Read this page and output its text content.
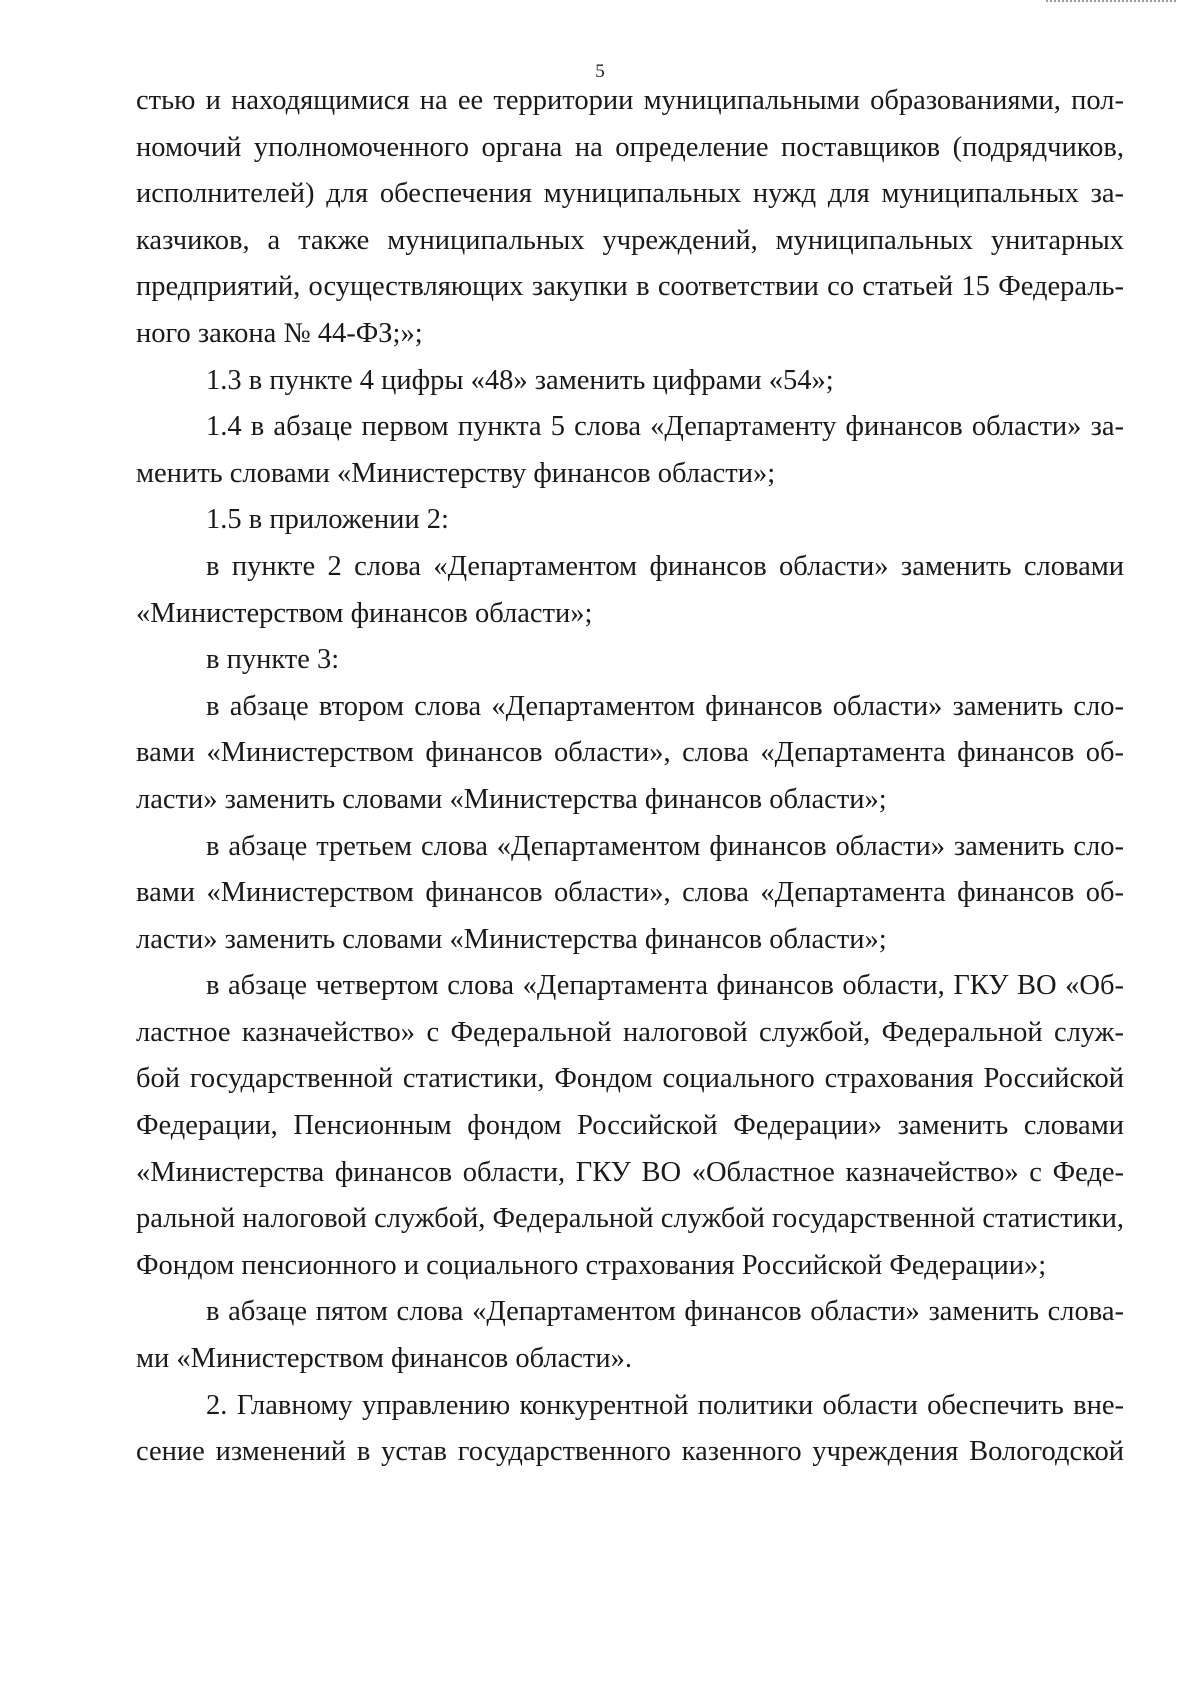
5
стью и находящимися на ее территории муниципальными образованиями, пол-
номочий уполномоченного органа на определение поставщиков (подрядчиков,
исполнителей) для обеспечения муниципальных нужд для муниципальных за-
казчиков, а также муниципальных учреждений, муниципальных унитарных
предприятий, осуществляющих закупки в соответствии со статьей 15 Федераль-
ного закона № 44-ФЗ;»;
1.3 в пункте 4 цифры «48» заменить цифрами «54»;
1.4 в абзаце первом пункта 5 слова «Департаменту финансов области» за-
менить словами «Министерству финансов области»;
1.5 в приложении 2:
в пункте 2 слова «Департаментом финансов области» заменить словами
«Министерством финансов области»;
в пункте 3:
в абзаце втором слова «Департаментом финансов области» заменить сло-
вами «Министерством финансов области», слова «Департамента финансов об-
ласти» заменить словами «Министерства финансов области»;
в абзаце третьем слова «Департаментом финансов области» заменить сло-
вами «Министерством финансов области», слова «Департамента финансов об-
ласти» заменить словами «Министерства финансов области»;
в абзаце четвертом слова «Департамента финансов области, ГКУ ВО «Об-
ластное казначейство» с Федеральной налоговой службой, Федеральной служ-
бой государственной статистики, Фондом социального страхования Российской
Федерации, Пенсионным фондом Российской Федерации» заменить словами
«Министерства финансов области, ГКУ ВО «Областное казначейство» с Феде-
ральной налоговой службой, Федеральной службой государственной статистики,
Фондом пенсионного и социального страхования Российской Федерации»;
в абзаце пятом слова «Департаментом финансов области» заменить слова-
ми «Министерством финансов области».
2. Главному управлению конкурентной политики области обеспечить вне-
сение изменений в устав государственного казенного учреждения Вологодской
